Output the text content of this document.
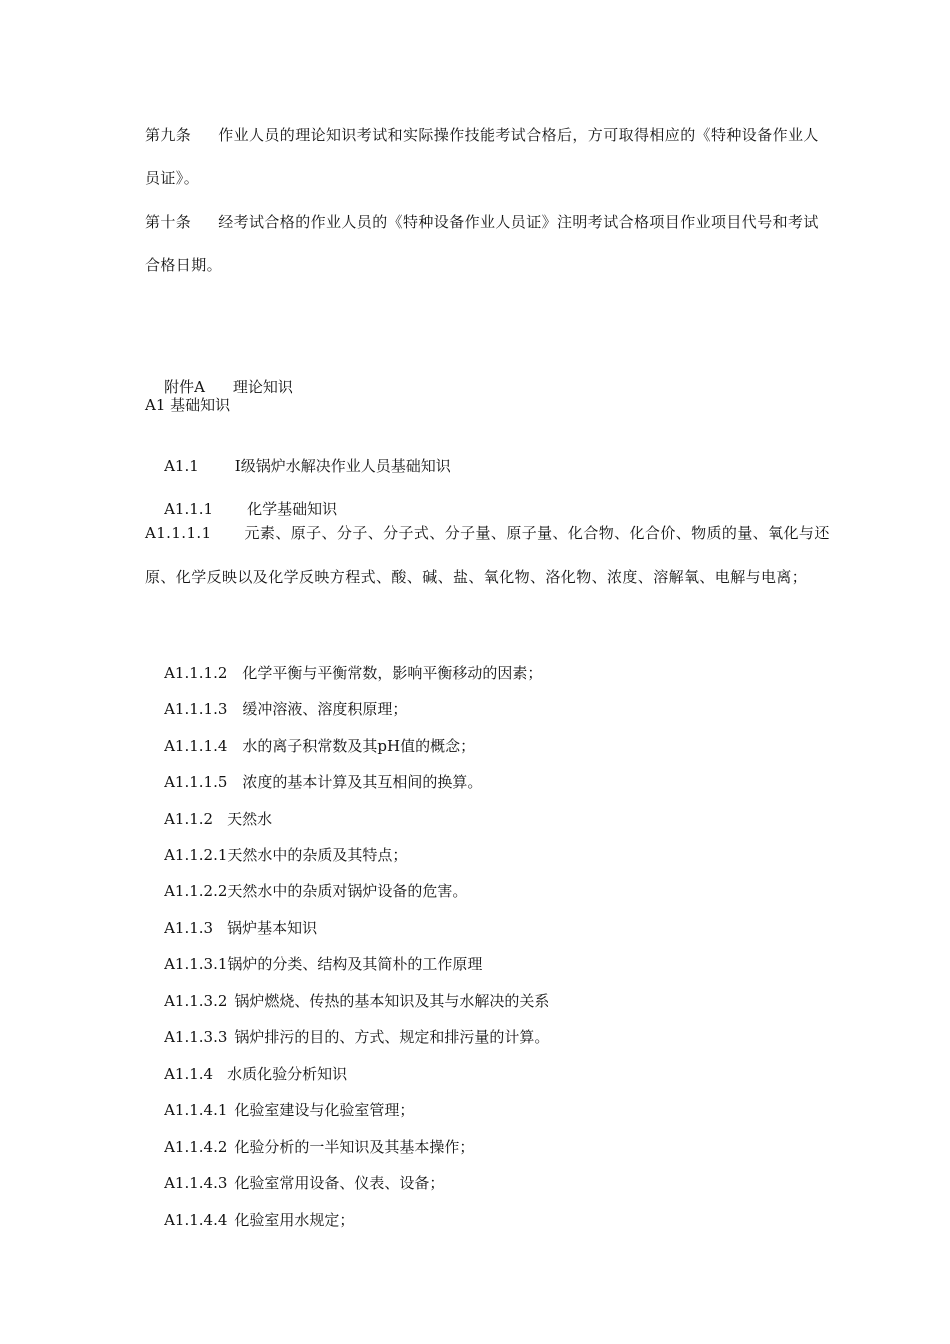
第九条 作业人员的理论知识考试和实际操作技能考试合格后，方可取得相应的《特种设备作业人员证》。
第十条 经考试合格的作业人员的《特种设备作业人员证》注明考试合格项目作业项目代号和考试合格日期。

附件A 理论知识

A1 基础知识

A1.1 Ⅰ级锅炉水解决作业人员基础知识

A1.1.1 化学基础知识

A1.1.1.1 元素、原子、分子、分子式、分子量、原子量、化合物、化合价、物质的量、氧化与还原、化学反映以及化学反映方程式、酸、碱、盐、氧化物、洛化物、浓度、溶解氧、电解与电离；

A1.1.1.2 化学平衡与平衡常数，影响平衡移动的因素；

A1.1.1.3 缓冲溶液、溶度积原理；

A1.1.1.4 水的离子积常数及其pH值的概念；

A1.1.1.5 浓度的基本计算及其互相间的换算。

A1.1.2 天然水

A1.1.2.1天然水中的杂质及其特点；

A1.1.2.2天然水中的杂质对锅炉设备的危害。

A1.1.3 锅炉基本知识

A1.1.3.1锅炉的分类、结构及其简朴的工作原理

A1.1.3.2 锅炉燃烧、传热的基本知识及其与水解决的关系

A1.1.3.3 锅炉排污的目的、方式、规定和排污量的计算。

A1.1.4 水质化验分析知识

A1.1.4.1 化验室建设与化验室管理；

A1.1.4.2 化验分析的一半知识及其基本操作；

A1.1.4.3 化验室常用设备、仪表、设备；

A1.1.4.4 化验室用水规定；
